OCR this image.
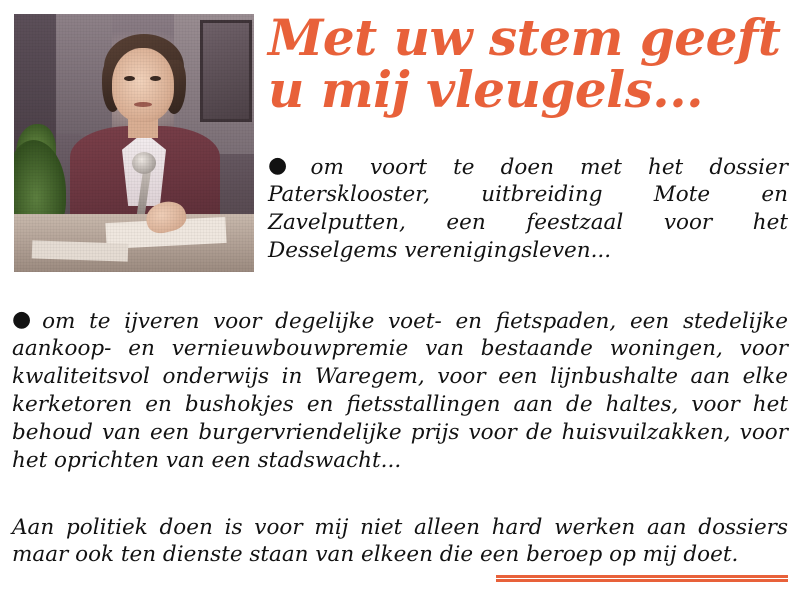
Met uw stem geeft
u mij vleugels...

● om voort te doen met het dossier Patersklooster, uitbreiding Mote en Zavelputten, een feestzaal voor het Desselgems verenigingsleven...

● om te ijveren voor degelijke voet- en fietspaden, een stedelijke aankoop- en vernieuwbouwpremie van bestaande woningen, voor kwaliteitsvol onderwijs in Waregem, voor een lijnbushalte aan elke kerketoren en bushokjes en fietsstallingen aan de haltes, voor het behoud van een burgervriendelijke prijs voor de huisvuilzakken, voor het oprichten van een stadswacht...

Aan politiek doen is voor mij niet alleen hard werken aan dossiers maar ook ten dienste staan van elkeen die een beroep op mij doet.
